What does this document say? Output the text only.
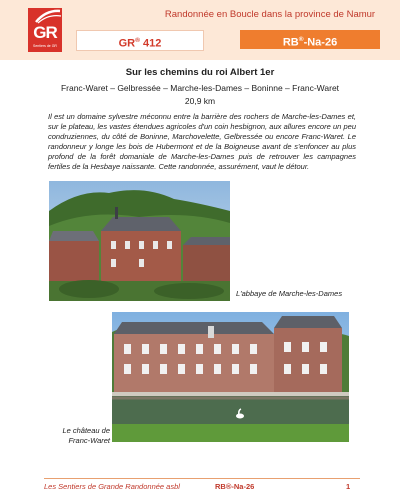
GR
Sentiers de GR
Randonnée en Boucle dans la province de Namur
GR® 412	RB®-Na-26
Sur les chemins du roi Albert 1er
Franc-Waret – Gelbressée – Marche-les-Dames – Boninne – Franc-Waret
20,9 km

Il est un domaine sylvestre méconnu entre la barrière des rochers de Marche-les-Dames et, sur le plateau, les vastes étendues agricoles d'un coin hesbignon, aux allures encore un peu condruziennes, du côté de Boninne, Marchovelette, Gelbressée ou encore Franc-Waret. Le randonneur y longe les bois de Hubermont et de la Boigneuse avant de s'enfoncer au plus profond de la forêt domaniale de Marche-les-Dames puis de retrouver les campagnes fertiles de la Hesbaye naissante. Cette randonnée, assurément, vaut le détour.

L'abbaye de Marche-les-Dames
Le château de Franc-Waret
Les Sentiers de Grande Randonnée asbl	RB®-Na-26	1
